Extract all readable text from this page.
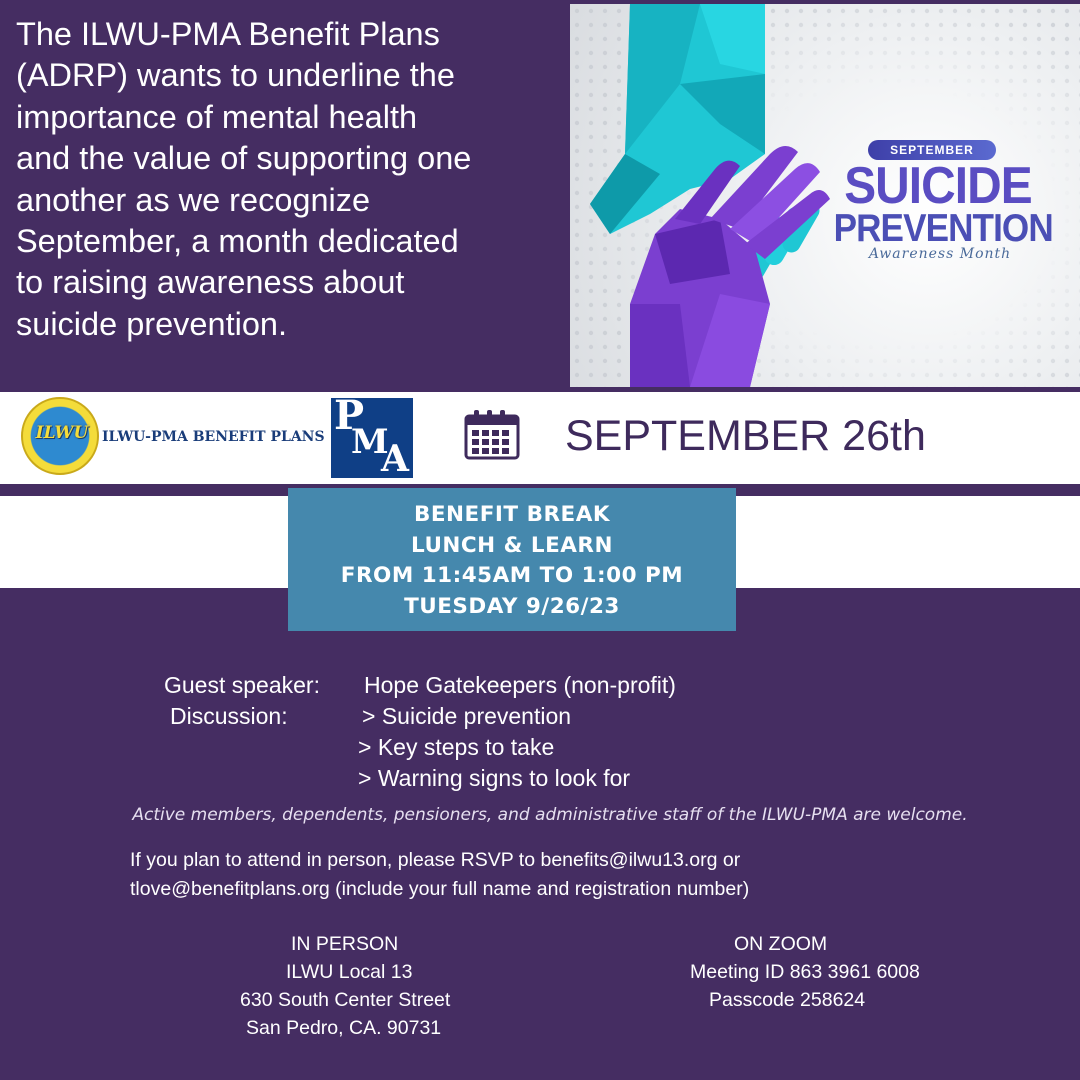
The ILWU-PMA Benefit Plans
(ADRP) wants to underline the
importance of mental health
and the value of supporting one
another as we recognize
September, a month dedicated
to raising awareness about
suicide prevention.
SEPTEMBER
SUICIDE
PREVENTION
Awareness Month
ILWU ILWU-PMA BENEFIT PLANS P
M
A	SEPTEMBER 26th
BENEFIT BREAK
LUNCH & LEARN
FROM 11:45AM TO 1:00 PM
TUESDAY 9/26/23
Guest speaker: Hope Gatekeepers (non-profit)
Discussion:	> Suicide prevention
> Key steps to take
> Warning signs to look for
Active members, dependents, pensioners, and administrative staff of the ILWU-PMA are welcome.
If you plan to attend in person, please RSVP to benefits@ilwu13.org or
tlove@benefitplans.org (include your full name and registration number)
IN PERSON
ILWU Local 13
630 South Center Street
San Pedro, CA. 90731
ON ZOOM
Meeting ID 863 3961 6008
Passcode 258624
